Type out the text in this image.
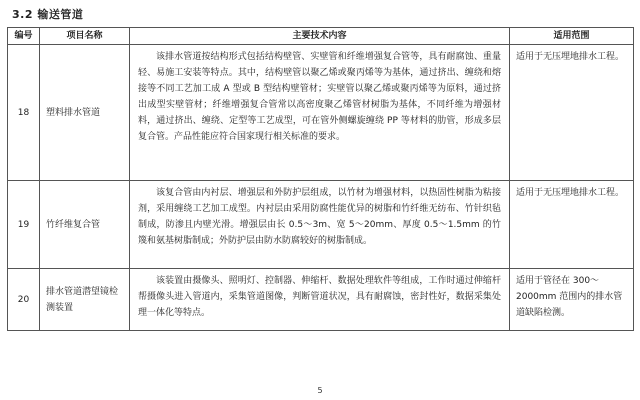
3.2 输送管道
编号	项目名称	主要技术内容	适用范围
18	塑料排水管道	该排水管道按结构形式包括结构壁管、实壁管和纤维增强复合管等，具有耐腐蚀、重量轻、易施工安装等特点。其中，结构壁管以聚乙烯或聚丙烯等为基体，通过挤出、缠绕和熔接等不同工艺加工成 A 型或 B 型结构壁管材；实壁管以聚乙烯或聚丙烯等为原料，通过挤出成型实壁管材；纤维增强复合管常以高密度聚乙烯管材树脂为基体，不同纤维为增强材料，通过挤出、缠绕、定型等工艺成型，可在管外侧螺旋缠绕 PP 等材料的肋管，形成多层复合管。产品性能应符合国家现行相关标准的要求。	适用于无压埋地排水工程。
19	竹纤维复合管	该复合管由内衬层、增强层和外防护层组成，以竹材为增强材料，以热固性树脂为粘接剂，采用缠绕工艺加工成型。内衬层由采用防腐性能优异的树脂和竹纤维无纺布、竹针织毡制成，防渗且内壁光滑。增强层由长 0.5～3m、宽 5～20mm、厚度 0.5～1.5mm 的竹篾和氨基树脂制成；外防护层由防水防腐较好的树脂制成。	适用于无压埋地排水工程。
20	排水管道潜望镜检测装置	该装置由摄像头、照明灯、控制器、伸缩杆、数据处理软件等组成，工作时通过伸缩杆帮摄像头进入管道内，采集管道图像，判断管道状况，具有耐腐蚀，密封性好，数据采集处理一体化等特点。	适用于管径在 300～2000mm 范围内的排水管道缺陷检测。
5
